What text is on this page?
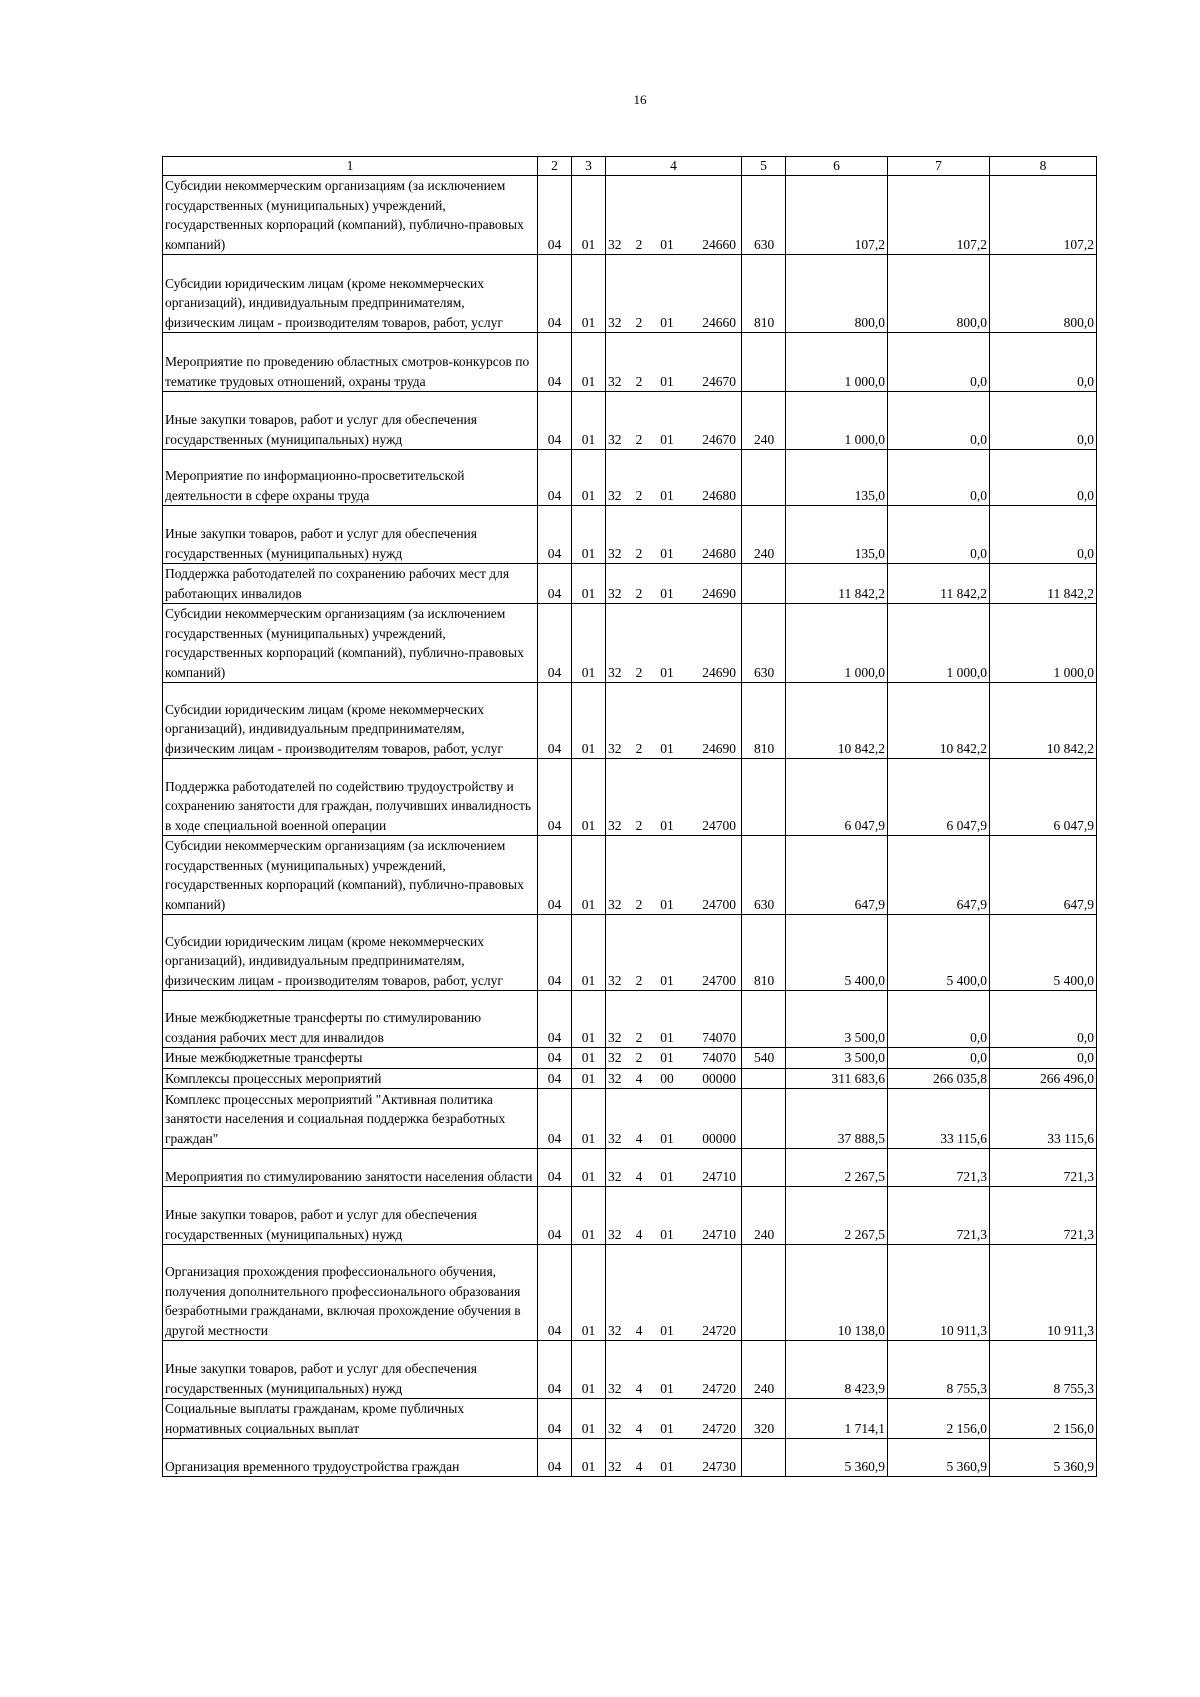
16
1	2	3	4	5	6	7	8
Субсидии некоммерческим организациям (за исключением государственных (муниципальных) учреждений, государственных корпораций (компаний), публично-правовых компаний)	04	01	32 2 01 24660	630	107,2	107,2	107,2
Субсидии юридическим лицам (кроме некоммерческих организаций), индивидуальным предпринимателям, физическим лицам - производителям товаров, работ, услуг	04	01	32 2 01 24660	810	800,0	800,0	800,0
Мероприятие по проведению областных смотров-конкурсов по тематике трудовых отношений, охраны труда	04	01	32 2 01 24670		1 000,0	0,0	0,0
Иные закупки товаров, работ и услуг для обеспечения государственных (муниципальных) нужд	04	01	32 2 01 24670	240	1 000,0	0,0	0,0
Мероприятие по информационно-просветительской деятельности в сфере охраны труда	04	01	32 2 01 24680		135,0	0,0	0,0
Иные закупки товаров, работ и услуг для обеспечения государственных (муниципальных) нужд	04	01	32 2 01 24680	240	135,0	0,0	0,0
Поддержка работодателей по сохранению рабочих мест для работающих инвалидов	04	01	32 2 01 24690		11 842,2	11 842,2	11 842,2
Субсидии некоммерческим организациям (за исключением государственных (муниципальных) учреждений, государственных корпораций (компаний), публично-правовых компаний)	04	01	32 2 01 24690	630	1 000,0	1 000,0	1 000,0
Субсидии юридическим лицам (кроме некоммерческих организаций), индивидуальным предпринимателям, физическим лицам - производителям товаров, работ, услуг	04	01	32 2 01 24690	810	10 842,2	10 842,2	10 842,2
Поддержка работодателей по содействию трудоустройству и сохранению занятости для граждан, получивших инвалидность в ходе специальной военной операции	04	01	32 2 01 24700		6 047,9	6 047,9	6 047,9
Субсидии некоммерческим организациям (за исключением государственных (муниципальных) учреждений, государственных корпораций (компаний), публично-правовых компаний)	04	01	32 2 01 24700	630	647,9	647,9	647,9
Субсидии юридическим лицам (кроме некоммерческих организаций), индивидуальным предпринимателям, физическим лицам - производителям товаров, работ, услуг	04	01	32 2 01 24700	810	5 400,0	5 400,0	5 400,0
Иные межбюджетные трансферты по стимулированию создания рабочих мест для инвалидов	04	01	32 2 01 74070		3 500,0	0,0	0,0
Иные межбюджетные трансферты	04	01	32 2 01 74070	540	3 500,0	0,0	0,0
Комплексы процессных мероприятий	04	01	32 4 00 00000		311 683,6	266 035,8	266 496,0
Комплекс процессных мероприятий "Активная политика занятости населения и социальная поддержка безработных граждан"	04	01	32 4 01 00000		37 888,5	33 115,6	33 115,6
Мероприятия по стимулированию занятости населения области	04	01	32 4 01 24710		2 267,5	721,3	721,3
Иные закупки товаров, работ и услуг для обеспечения государственных (муниципальных) нужд	04	01	32 4 01 24710	240	2 267,5	721,3	721,3
Организация прохождения профессионального обучения, получения дополнительного профессионального образования безработными гражданами, включая прохождение обучения в другой местности	04	01	32 4 01 24720		10 138,0	10 911,3	10 911,3
Иные закупки товаров, работ и услуг для обеспечения государственных (муниципальных) нужд	04	01	32 4 01 24720	240	8 423,9	8 755,3	8 755,3
Социальные выплаты гражданам, кроме публичных нормативных социальных выплат	04	01	32 4 01 24720	320	1 714,1	2 156,0	2 156,0
Организация временного трудоустройства граждан	04	01	32 4 01 24730		5 360,9	5 360,9	5 360,9
